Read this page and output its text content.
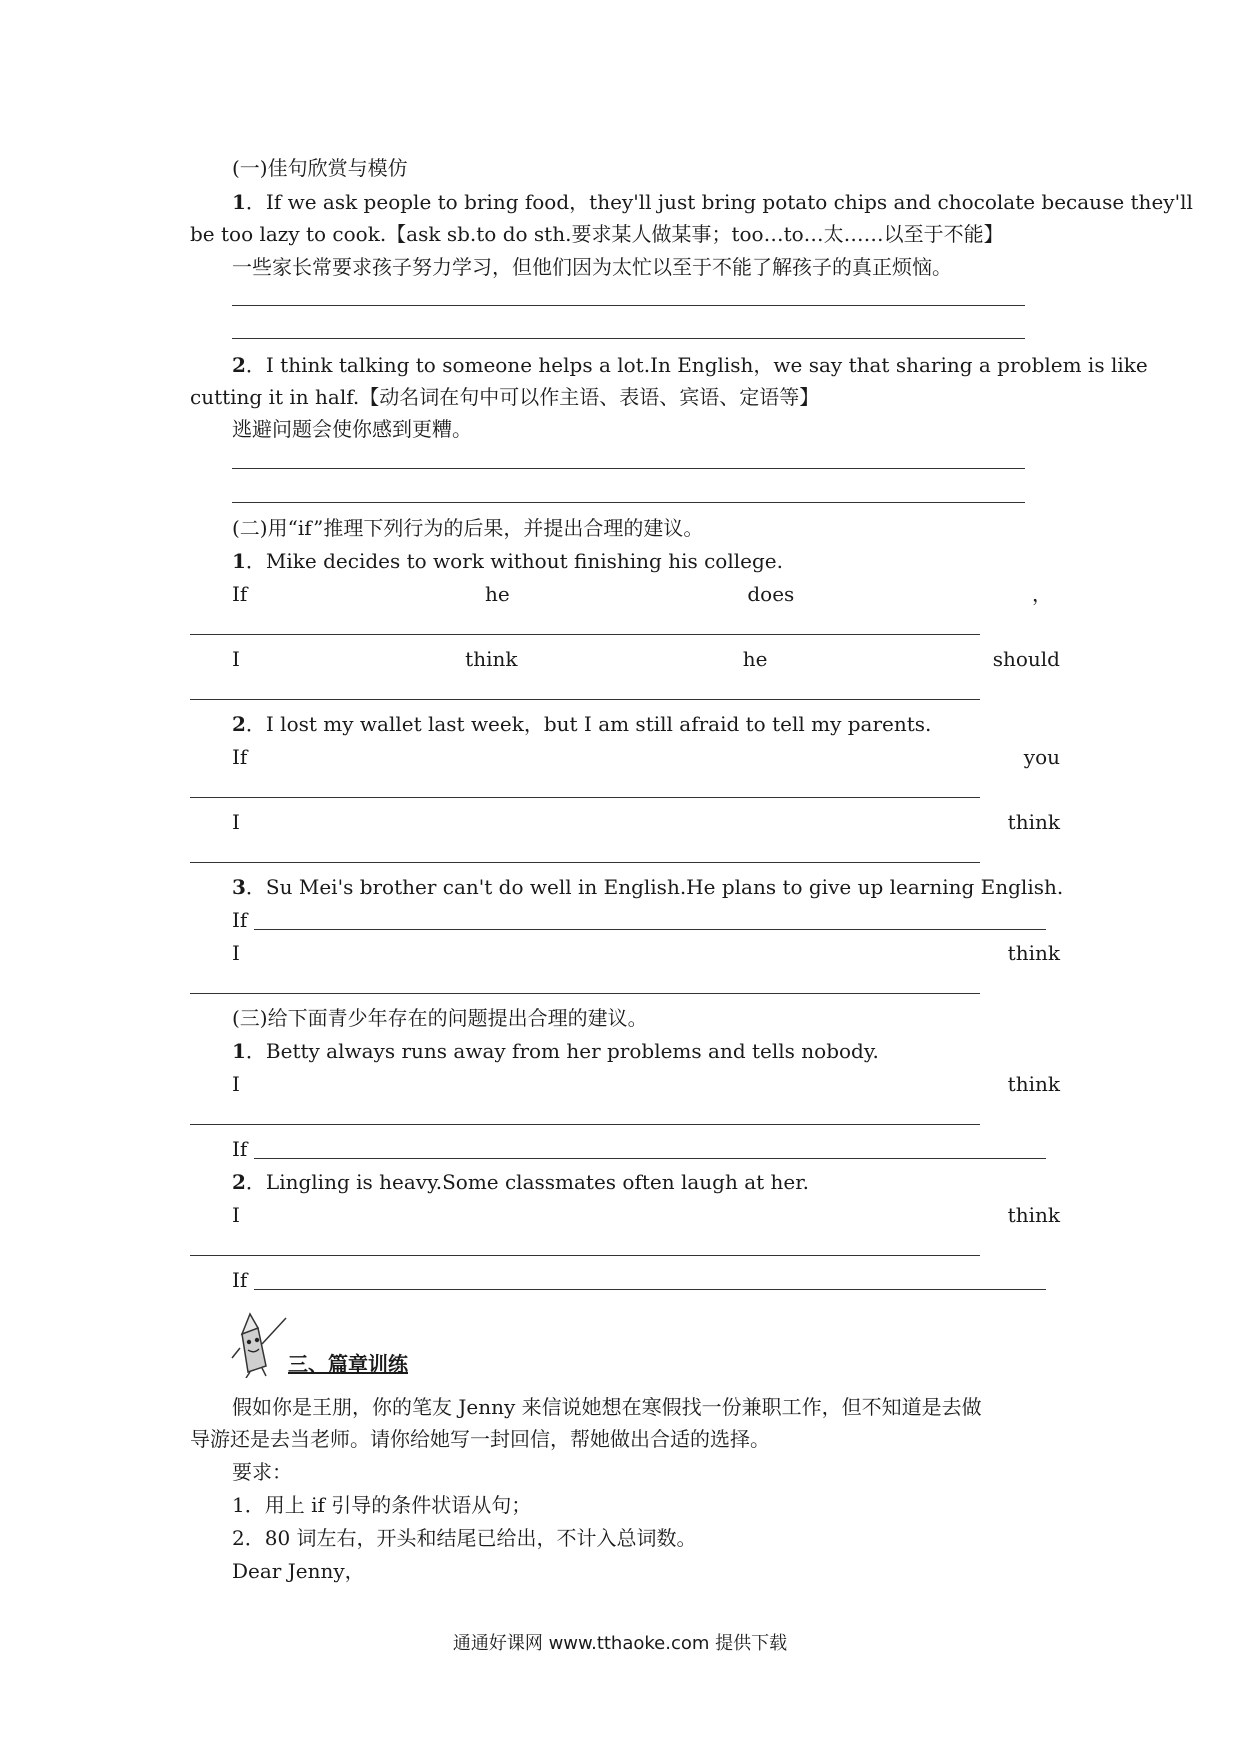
(一)佳句欣赏与模仿
1．If we ask people to bring food，they'll just bring potato chips and chocolate because they'll
be too lazy to cook.【ask sb.to do sth.要求某人做某事；too…to…太……以至于不能】
一些家长常要求孩子努力学习，但他们因为太忙以至于不能了解孩子的真正烦恼。
2．I think talking to someone helps a lot.In English，we say that sharing a problem is like
cutting it in half.【动名词在句中可以作主语、表语、宾语、定语等】
逃避问题会使你感到更糟。
(二)用“if”推理下列行为的后果，并提出合理的建议。
1．Mike decides to work without finishing his college.
If	he	does	，
I	think	he	should
2．I lost my wallet last week，but I am still afraid to tell my parents.
If	you
I	think
3．Su Mei's brother can't do well in English.He plans to give up learning English.
If
I	think
(三)给下面青少年存在的问题提出合理的建议。
1．Betty always runs away from her problems and tells nobody.
I	think
If
2．Lingling is heavy.Some classmates often laugh at her.
I	think
If
三、篇章训练
假如你是王朋，你的笔友 Jenny 来信说她想在寒假找一份兼职工作，但不知道是去做
导游还是去当老师。请你给她写一封回信，帮她做出合适的选择。
要求：
1．用上 if 引导的条件状语从句；
2．80 词左右，开头和结尾已给出，不计入总词数。
Dear Jenny，
通通好课网 www.tthaoke.com 提供下载
